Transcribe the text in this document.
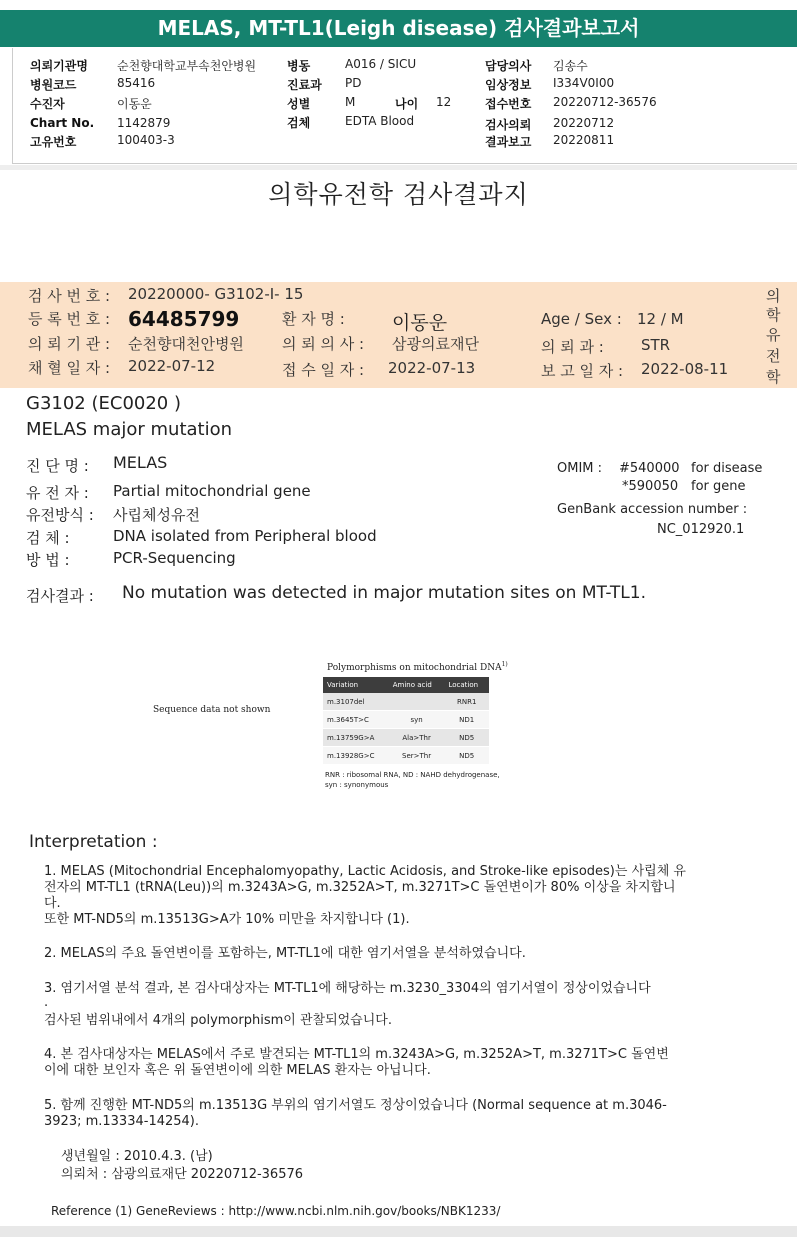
MELAS, MT-TL1(Leigh disease) 검사결과보고서
의뢰기관명 순천향대학교부속천안병원
병원코드	85416
수진자	이동운
Chart No. 1142879
고유번호	100403-3
병동	A016 / SICU
진료과 PD
성별	M	나이 12
검체	EDTA Blood
담당의사 김송수
임상정보 I334V0I00
접수번호 20220712-36576
검사의뢰 20220712
결과보고 20220811
의학유전학 검사결과지
검 사 번 호 : 20220000- G3102-I- 15
등 록 번 호 : 64485799	환 자 명 : 이동운	Age / Sex : 12 / M
의 뢰 기 관 : 순천향대천안병원	의 뢰 의 사 : 삼광의료재단	의 뢰 과 : STR
채 혈 일 자 : 2022-07-12	접 수 일 자 : 2022-07-13	보 고 일 자 : 2022-08-11
의
학
유
전
학
G3102 (EC0020 )
MELAS major mutation
진 단 명 : MELAS
유 전 자 : Partial mitochondrial gene
유전방식 : 사립체성유전
검 체 :	DNA isolated from Peripheral blood
방 법 :	PCR-Sequencing
OMIM : #540000 for disease
*590050 for gene
GenBank accession number :
NC_012920.1
검사결과 : No mutation was detected in major mutation sites on MT-TL1.
Sequence data not shown
Polymorphisms on mitochondrial DNA$^{1)}$
Variation	Amino acid	Location
m.3107del		RNR1
m.3645T>C	syn	ND1
m.13759G>A	Ala>Thr	ND5
m.13928G>C	Ser>Thr	ND5
RNR : ribosomal RNA, ND : NAHD dehydrogenase,
syn : synonymous
Interpretation :
1. MELAS (Mitochondrial Encephalomyopathy, Lactic Acidosis, and Stroke-like episodes)는 사립체 유
전자의 MT-TL1 (tRNA(Leu))의 m.3243A>G, m.3252A>T, m.3271T>C 돌연변이가 80% 이상을 차지합니
다.
또한 MT-ND5의 m.13513G>A가 10% 미만을 차지합니다 (1).
2. MELAS의 주요 돌연변이를 포함하는, MT-TL1에 대한 염기서열을 분석하였습니다.
3. 염기서열 분석 결과, 본 검사대상자는 MT-TL1에 해당하는 m.3230_3304의 염기서열이 정상이었습니다
.
검사된 범위내에서 4개의 polymorphism이 관찰되었습니다.
4. 본 검사대상자는 MELAS에서 주로 발견되는 MT-TL1의 m.3243A>G, m.3252A>T, m.3271T>C 돌연변
이에 대한 보인자 혹은 위 돌연변이에 의한 MELAS 환자는 아닙니다.
5. 함께 진행한 MT-ND5의 m.13513G 부위의 염기서열도 정상이었습니다 (Normal sequence at m.3046-
3923; m.13334-14254).
생년월일 : 2010.4.3. (남)
의뢰처 : 삼광의료재단 20220712-36576
Reference (1) GeneReviews : http://www.ncbi.nlm.nih.gov/books/NBK1233/
